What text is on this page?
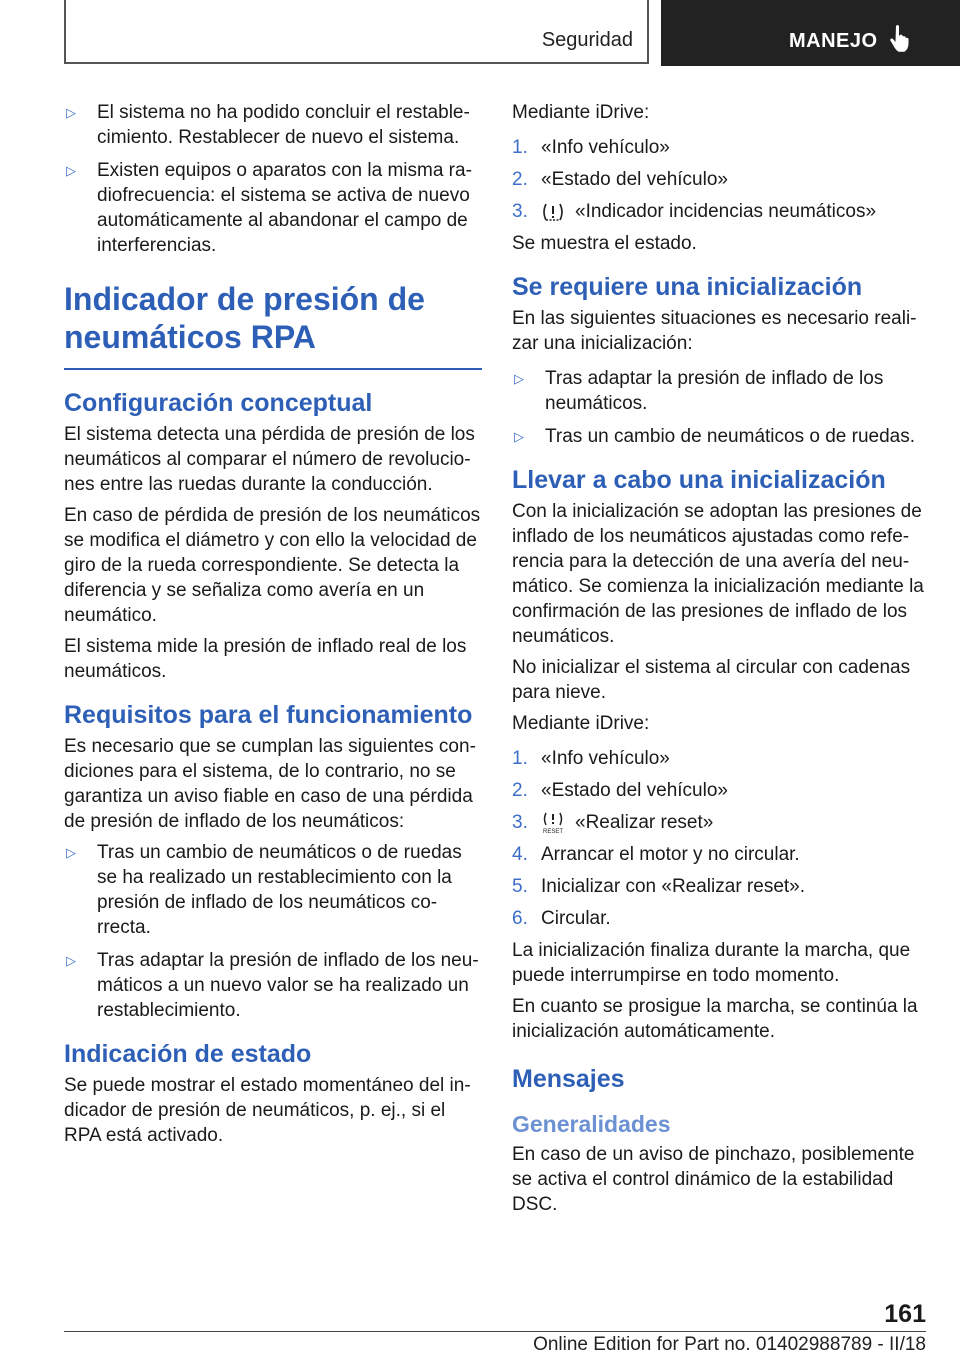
Seguridad	MANEJO
▷	El sistema no ha podido concluir el restablecimiento. Restablecer de nuevo el sistema.
▷	Existen equipos o aparatos con la misma radiofrecuencia: el sistema se activa de nuevo automáticamente al abandonar el campo de interferencias.
Indicador de presión de neumáticos RPA
Configuración conceptual

El sistema detecta una pérdida de presión de los neumáticos al comparar el número de revoluciones entre las ruedas durante la conducción.

En caso de pérdida de presión de los neumáticos se modifica el diámetro y con ello la velocidad de giro de la rueda correspondiente. Se detecta la diferencia y se señaliza como avería en un neumático.

El sistema mide la presión de inflado real de los neumáticos.

Requisitos para el funcionamiento

Es necesario que se cumplan las siguientes condiciones para el sistema, de lo contrario, no se garantiza un aviso fiable en caso de una pérdida de presión de inflado de los neumáticos:

▷	Tras un cambio de neumáticos o de ruedas se ha realizado un restablecimiento con la presión de inflado de los neumáticos correcta.
▷	Tras adaptar la presión de inflado de los neumáticos a un nuevo valor se ha realizado un restablecimiento.
Indicación de estado

Se puede mostrar el estado momentáneo del indicador de presión de neumáticos, p. ej., si el RPA está activado.

Mediante iDrive:

1. «Info vehículo»
2. «Estado del vehículo»
3.	«Indicador incidencias neumáticos»

Se muestra el estado.

Se requiere una inicialización

En las siguientes situaciones es necesario realizar una inicialización:

▷	Tras adaptar la presión de inflado de los neumáticos.
▷	Tras un cambio de neumáticos o de ruedas.
Llevar a cabo una inicialización

Con la inicialización se adoptan las presiones de inflado de los neumáticos ajustadas como referencia para la detección de una avería del neumático. Se comienza la inicialización mediante la confirmación de las presiones de inflado de los neumáticos.

No inicializar el sistema al circular con cadenas para nieve.

Mediante iDrive:

1. «Info vehículo»
2. «Estado del vehículo»
3.	RESET «Realizar reset»
4. Arrancar el motor y no circular.
5. Inicializar con «Realizar reset».
6. Circular.

La inicialización finaliza durante la marcha, que puede interrumpirse en todo momento.

En cuanto se prosigue la marcha, se continúa la inicialización automáticamente.

Mensajes
Generalidades

En caso de un aviso de pinchazo, posiblemente se activa el control dinámico de la estabilidad DSC.

161
Online Edition for Part no. 01402988789 - II/18
